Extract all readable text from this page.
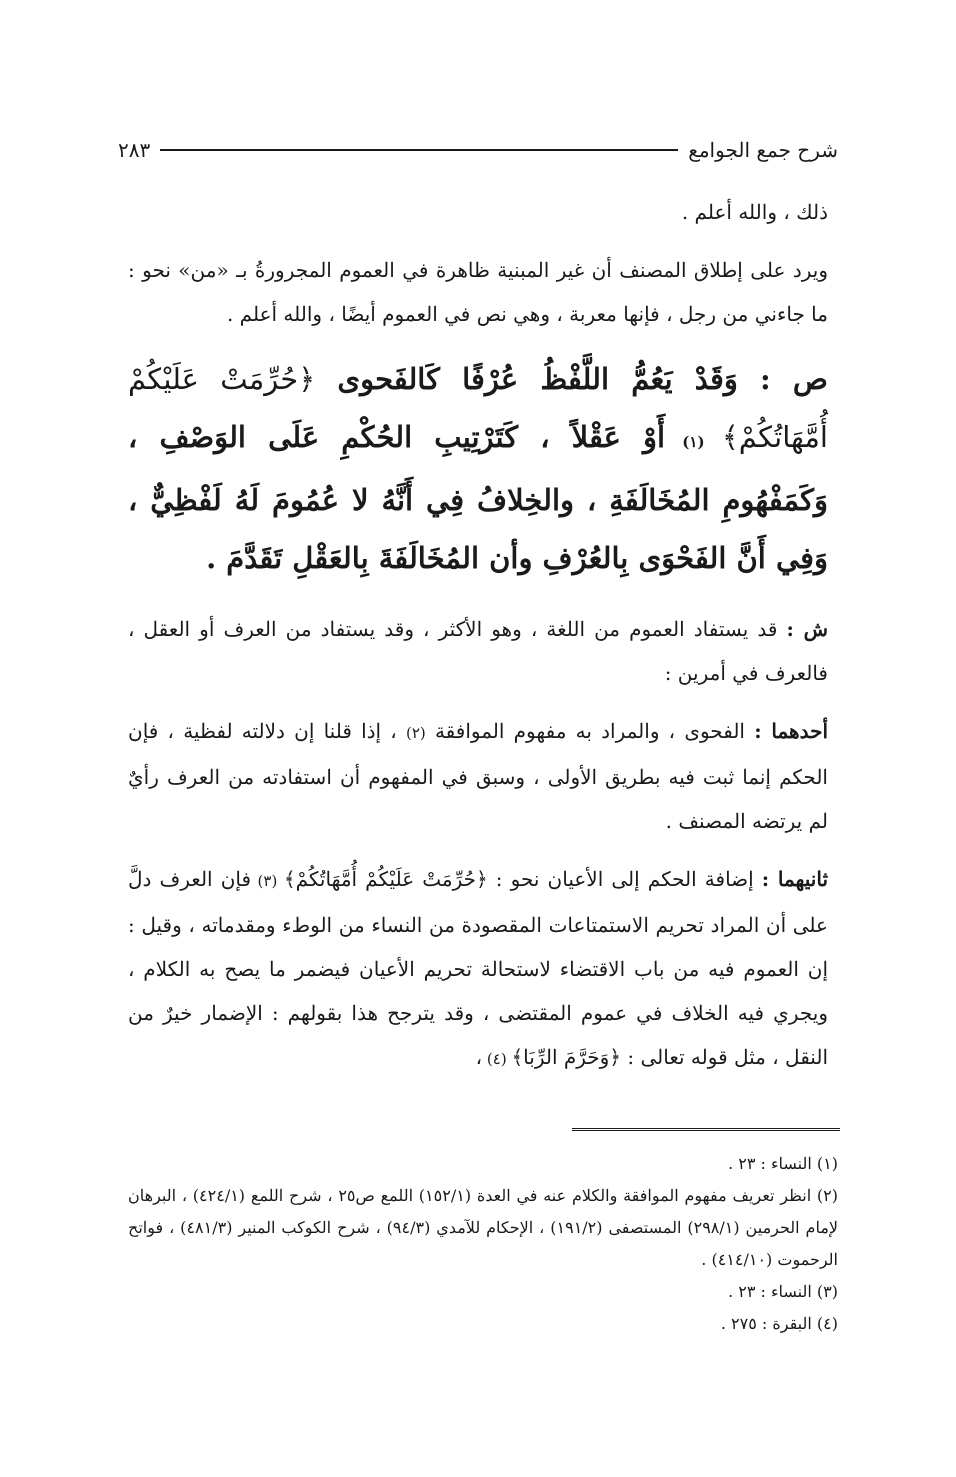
شرح جمع الجوامع
٢٨٣

ذلك ، والله أعلم .

ويرد على إطلاق المصنف أن غير المبنية ظاهرة في العموم المجرورةُ بـ «من» نحو : ما جاءني من رجل ، فإنها معربة ، وهي نص في العموم أيضًا ، والله أعلم .

ص : وَقَدْ يَعُمُّ اللَّفْظُ عُرْفًا كَالفَحوى ﴿حُرِّمَتْ عَلَيْكُمْ أُمَّهَاتُكُمْ﴾ (١) أَوْ عَقْلاً ، كَتَرْتِيبِ الحُكْمِ عَلَى الوَصْفِ ، وَكَمَفْهُومِ المُخَالَفَةِ ، والخِلافُ فِي أَنَّهُ لا عُمُومَ لَهُ لَفْظِيٌّ ، وَفِي أَنَّ الفَحْوَى بِالعُرْفِ وأن المُخَالَفَةَ بِالعَقْلِ تَقَدَّمَ .

ش : قد يستفاد العموم من اللغة ، وهو الأكثر ، وقد يستفاد من العرف أو العقل ، فالعرف في أمرين :

أحدهما : الفحوى ، والمراد به مفهوم الموافقة (٢) ، إذا قلنا إن دلالته لفظية ، فإن الحكم إنما ثبت فيه بطريق الأولى ، وسبق في المفهوم أن استفادته من العرف رأيٌ لم يرتضه المصنف .

ثانيهما : إضافة الحكم إلى الأعيان نحو : ﴿حُرِّمَتْ عَلَيْكُمْ أُمَّهَاتُكُمْ﴾ (٣) فإن العرف دلَّ على أن المراد تحريم الاستمتاعات المقصودة من النساء من الوطء ومقدماته ، وقيل : إن العموم فيه من باب الاقتضاء لاستحالة تحريم الأعيان فيضمر ما يصح به الكلام ، ويجري فيه الخلاف في عموم المقتضى ، وقد يترجح هذا بقولهم : الإضمار خيرٌ من النقل ، مثل قوله تعالى : ﴿وَحَرَّمَ الرِّبَا﴾ (٤) ،

(١) النساء : ٢٣ .

(٢) انظر تعريف مفهوم الموافقة والكلام عنه في العدة (١٥٢/١) اللمع ص٢٥ ، شرح اللمع (٤٢٤/١) ، البرهان لإمام الحرمين (٢٩٨/١) المستصفى (١٩١/٢) ، الإحكام للآمدي (٩٤/٣) ، شرح الكوكب المنير (٤٨١/٣) ، فواتح الرحموت (٤١٤/١٠) .

(٣) النساء : ٢٣ .

(٤) البقرة : ٢٧٥ .
